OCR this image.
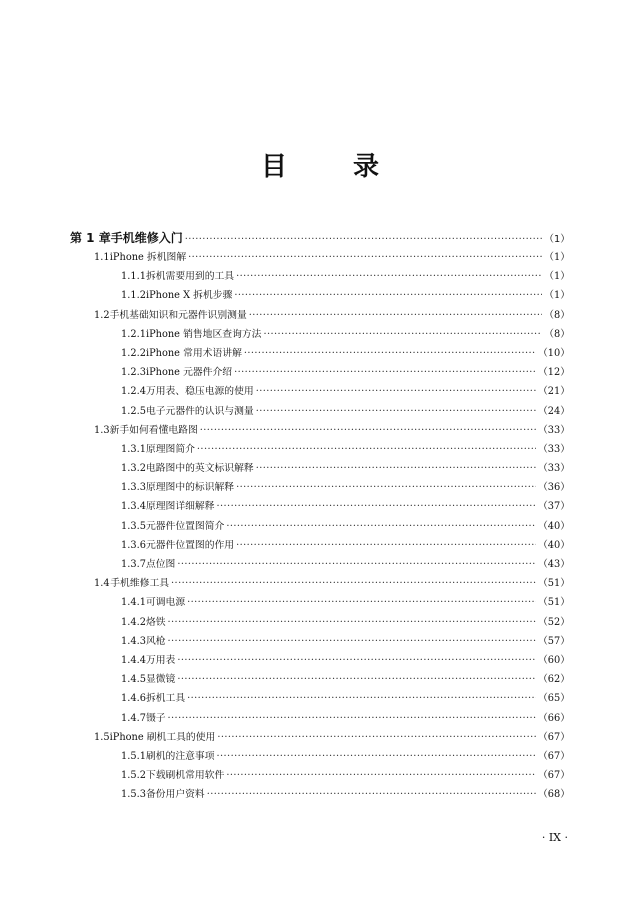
目	录
第 1 章 手机维修入门 ·····	（1）
1.1 iPhone 拆机图解 ·····	（1）
1.1.1 拆机需要用到的工具 ·····	（1）
1.1.2 iPhone X 拆机步骤 ·····	（1）
1.2 手机基础知识和元器件识别测量 ·····	（8）
1.2.1 iPhone 销售地区查询方法 ·····	（8）
1.2.2 iPhone 常用术语讲解 ·····	（10）
1.2.3 iPhone 元器件介绍 ·····	（12）
1.2.4 万用表、稳压电源的使用 ·····	（21）
1.2.5 电子元器件的认识与测量 ·····	（24）
1.3 新手如何看懂电路图 ·····	（33）
1.3.1 原理图简介 ·····	（33）
1.3.2 电路图中的英文标识解释 ·····	（33）
1.3.3 原理图中的标识解释 ·····	（36）
1.3.4 原理图详细解释 ·····	（37）
1.3.5 元器件位置图简介 ·····	（40）
1.3.6 元器件位置图的作用 ·····	（40）
1.3.7 点位图 ·····	（43）
1.4 手机维修工具 ·····	（51）
1.4.1 可调电源 ·····	（51）
1.4.2 烙铁 ·····	（52）
1.4.3 风枪 ·····	（57）
1.4.4 万用表 ·····	（60）
1.4.5 显微镜 ·····	（62）
1.4.6 拆机工具 ·····	（65）
1.4.7 镊子 ·····	（66）
1.5 iPhone 刷机工具的使用 ·····	（67）
1.5.1 刷机的注意事项 ·····	（67）
1.5.2 下载刷机常用软件 ·····	（67）
1.5.3 备份用户资料 ·····	（68）
· IX ·
